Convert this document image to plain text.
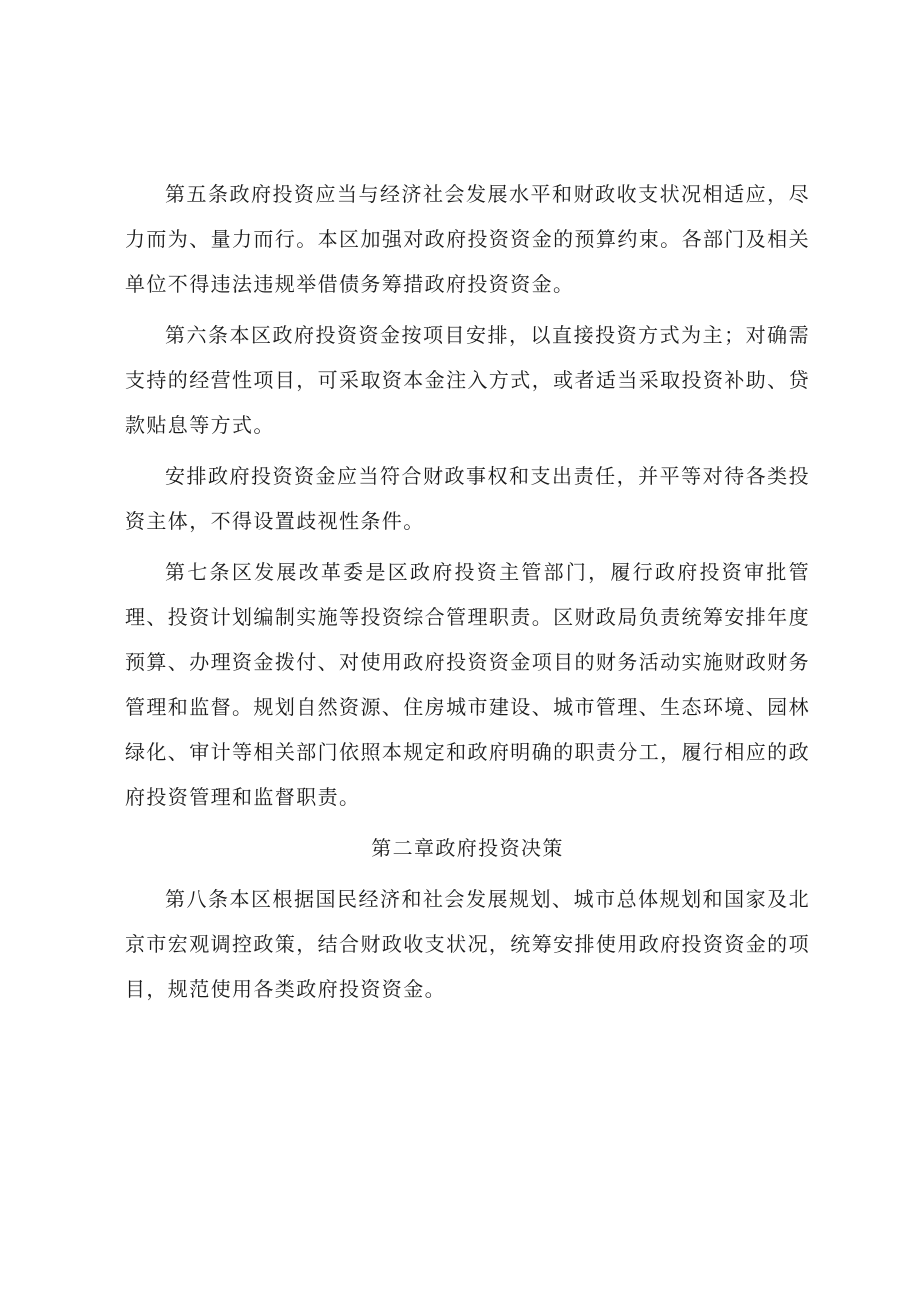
第五条政府投资应当与经济社会发展水平和财政收支状况相适应，尽力而为、量力而行。本区加强对政府投资资金的预算约束。各部门及相关单位不得违法违规举借债务筹措政府投资资金。

第六条本区政府投资资金按项目安排，以直接投资方式为主；对确需支持的经营性项目，可采取资本金注入方式，或者适当采取投资补助、贷款贴息等方式。

安排政府投资资金应当符合财政事权和支出责任，并平等对待各类投资主体，不得设置歧视性条件。

第七条区发展改革委是区政府投资主管部门，履行政府投资审批管理、投资计划编制实施等投资综合管理职责。区财政局负责统筹安排年度预算、办理资金拨付、对使用政府投资资金项目的财务活动实施财政财务管理和监督。规划自然资源、住房城市建设、城市管理、生态环境、园林绿化、审计等相关部门依照本规定和政府明确的职责分工，履行相应的政府投资管理和监督职责。

第二章政府投资决策

第八条本区根据国民经济和社会发展规划、城市总体规划和国家及北京市宏观调控政策，结合财政收支状况，统筹安排使用政府投资资金的项目，规范使用各类政府投资资金。
